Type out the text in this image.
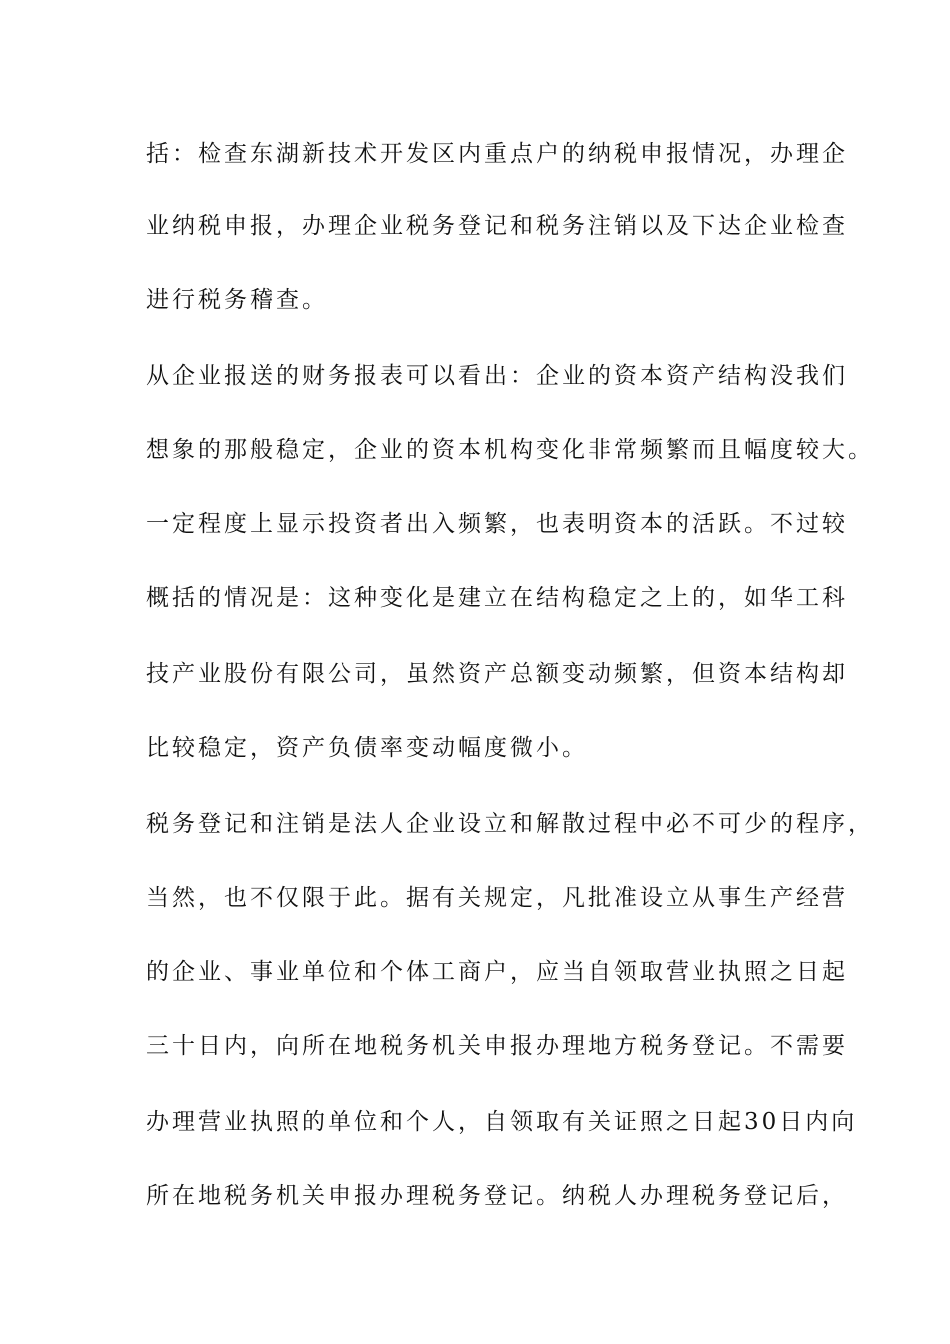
括：检查东湖新技术开发区内重点户的纳税申报情况，办理企

业纳税申报，办理企业税务登记和税务注销以及下达企业检查

进行税务稽查。

从企业报送的财务报表可以看出：企业的资本资产结构没我们

想象的那般稳定，企业的资本机构变化非常频繁而且幅度较大。

一定程度上显示投资者出入频繁，也表明资本的活跃。不过较

概括的情况是：这种变化是建立在结构稳定之上的，如华工科

技产业股份有限公司，虽然资产总额变动频繁，但资本结构却

比较稳定，资产负债率变动幅度微小。

税务登记和注销是法人企业设立和解散过程中必不可少的程序，

当然，也不仅限于此。据有关规定，凡批准设立从事生产经营

的企业、事业单位和个体工商户，应当自领取营业执照之日起

三十日内，向所在地税务机关申报办理地方税务登记。不需要

办理营业执照的单位和个人，自领取有关证照之日起30日内向

所在地税务机关申报办理税务登记。纳税人办理税务登记后，
